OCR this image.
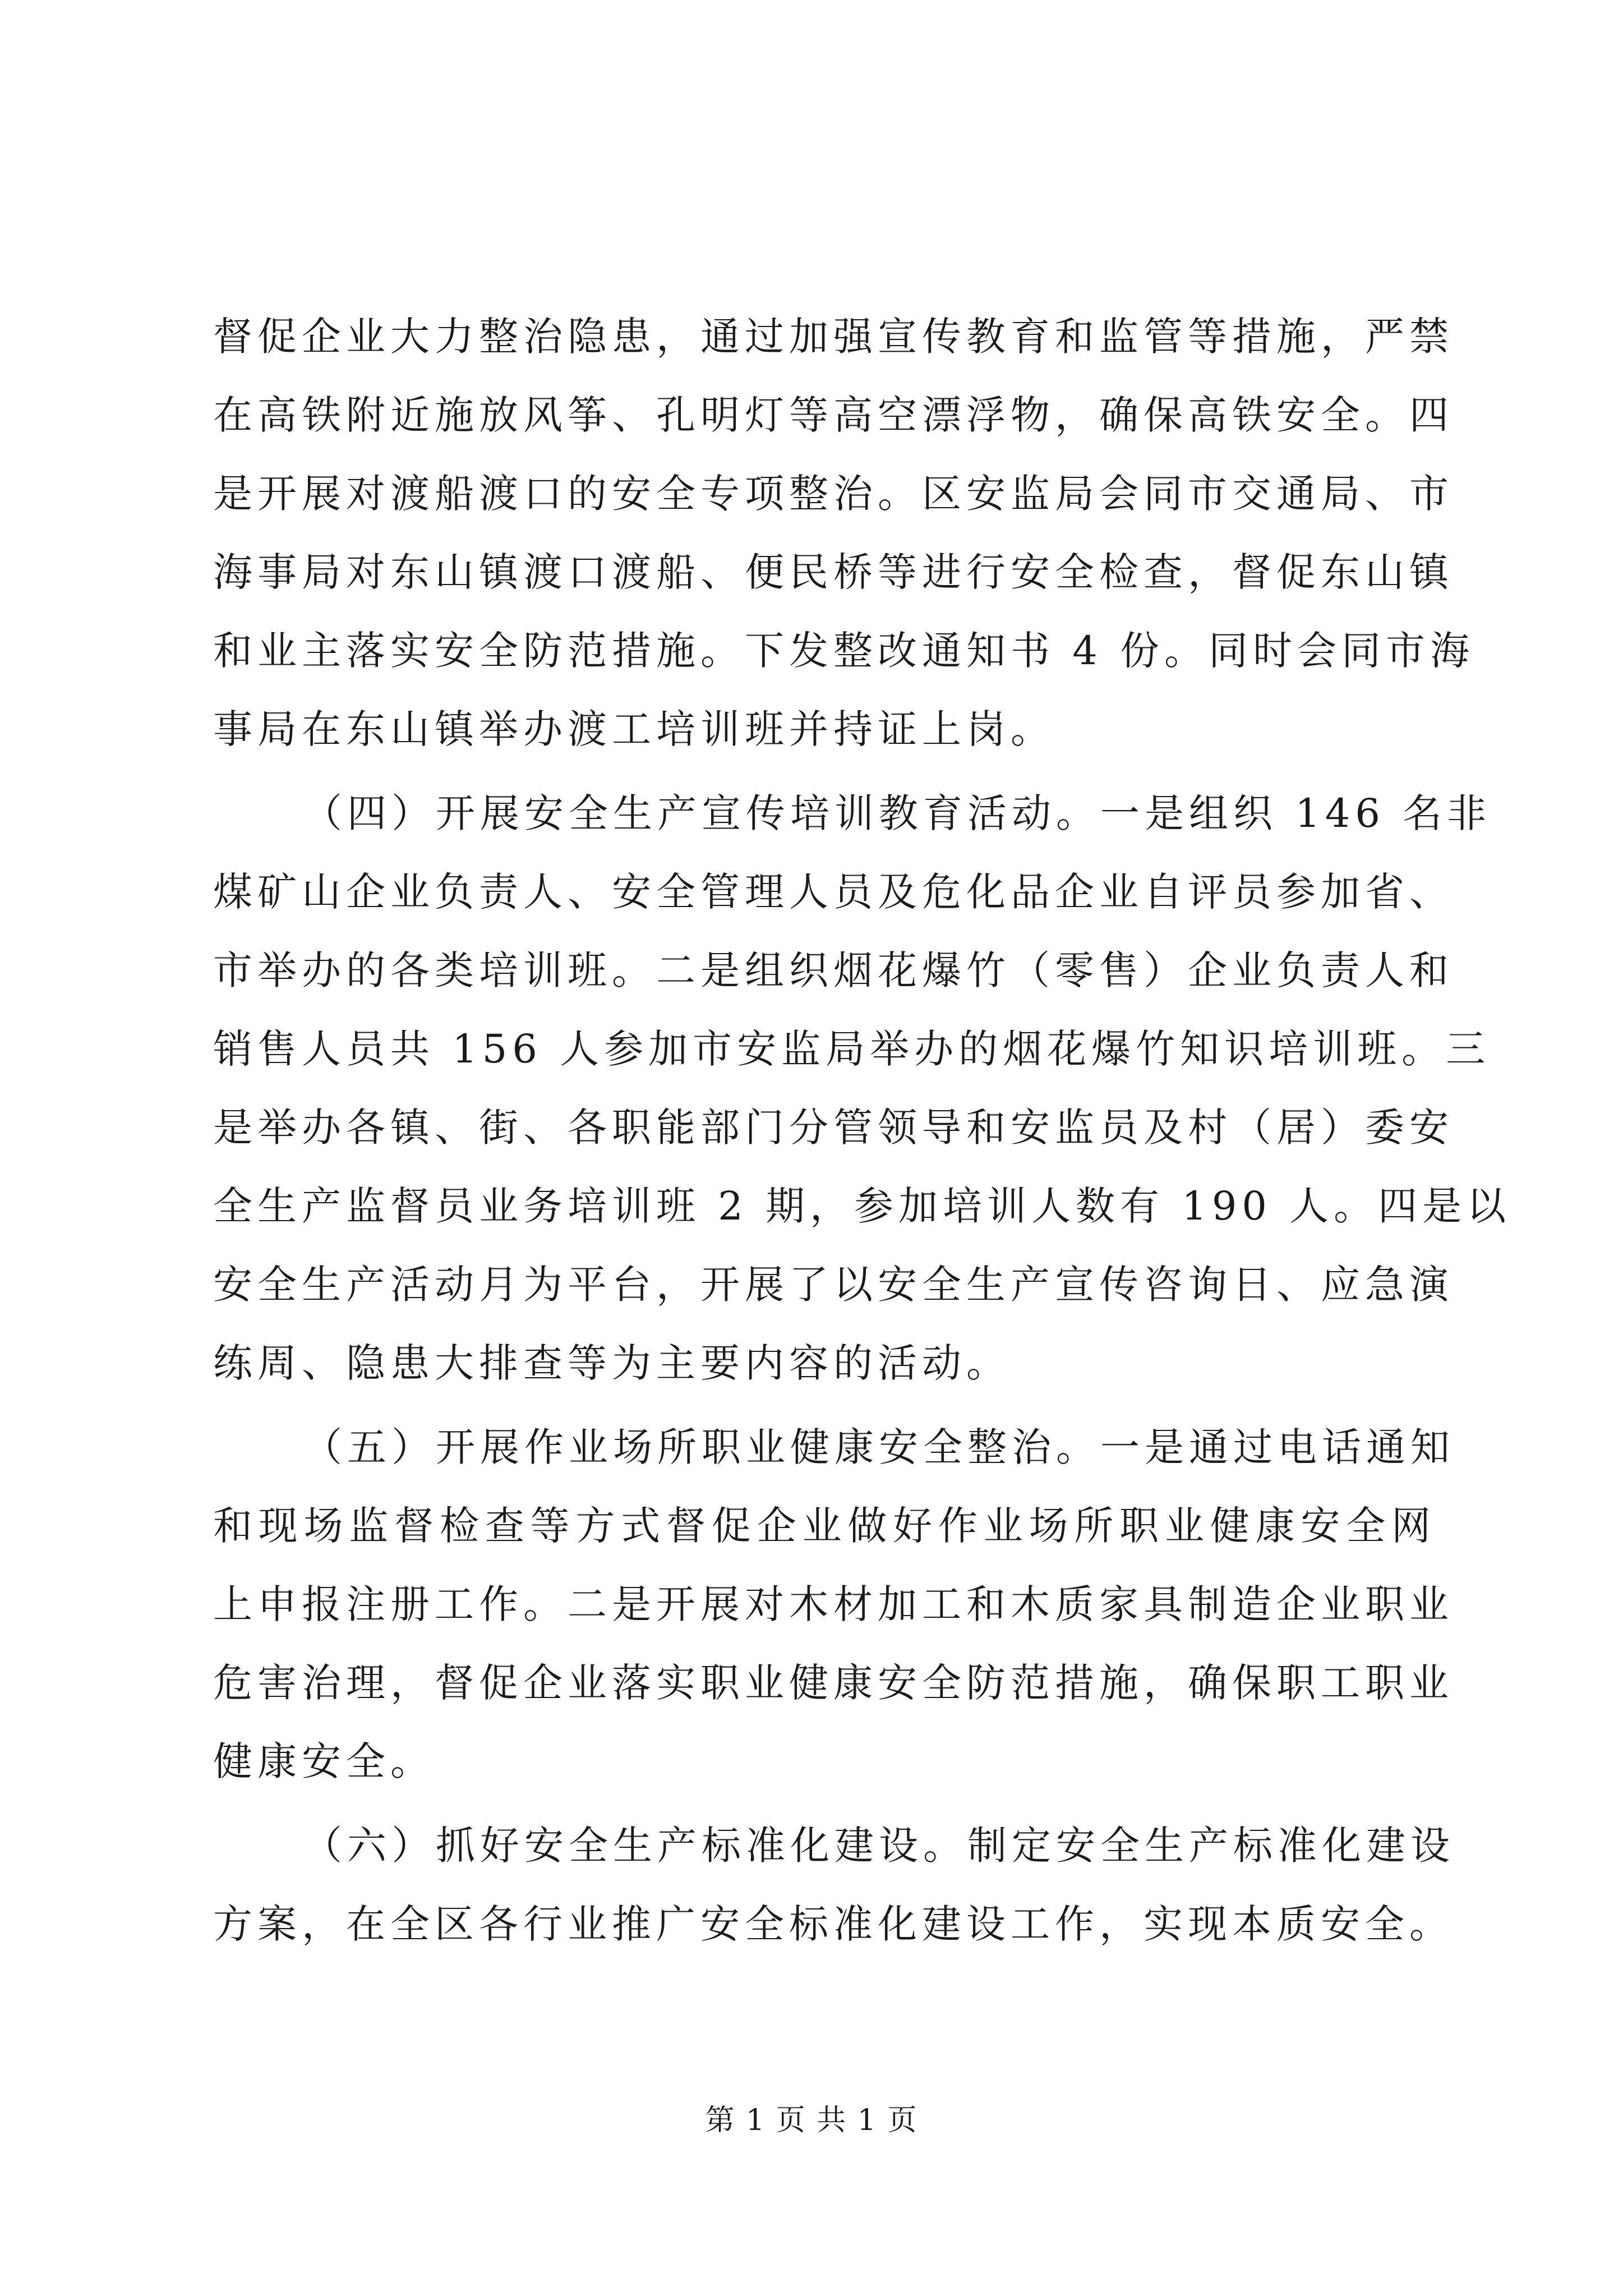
督促企业大力整治隐患，通过加强宣传教育和监管等措施，严禁
在高铁附近施放风筝、孔明灯等高空漂浮物，确保高铁安全。四
是开展对渡船渡口的安全专项整治。区安监局会同市交通局、市
海事局对东山镇渡口渡船、便民桥等进行安全检查，督促东山镇
和业主落实安全防范措施。下发整改通知书 4 份。同时会同市海
事局在东山镇举办渡工培训班并持证上岗。
（四）开展安全生产宣传培训教育活动。一是组织 146 名非
煤矿山企业负责人、安全管理人员及危化品企业自评员参加省、
市举办的各类培训班。二是组织烟花爆竹（零售）企业负责人和
销售人员共 156 人参加市安监局举办的烟花爆竹知识培训班。三
是举办各镇、街、各职能部门分管领导和安监员及村（居）委安
全生产监督员业务培训班 2 期，参加培训人数有 190 人。四是以
安全生产活动月为平台，开展了以安全生产宣传咨询日、应急演
练周、隐患大排查等为主要内容的活动。
（五）开展作业场所职业健康安全整治。一是通过电话通知
和现场监督检查等方式督促企业做好作业场所职业健康安全网
上申报注册工作。二是开展对木材加工和木质家具制造企业职业
危害治理，督促企业落实职业健康安全防范措施，确保职工职业
健康安全。
（六）抓好安全生产标准化建设。制定安全生产标准化建设
方案，在全区各行业推广安全标准化建设工作，实现本质安全。
第 1 页 共 1 页
